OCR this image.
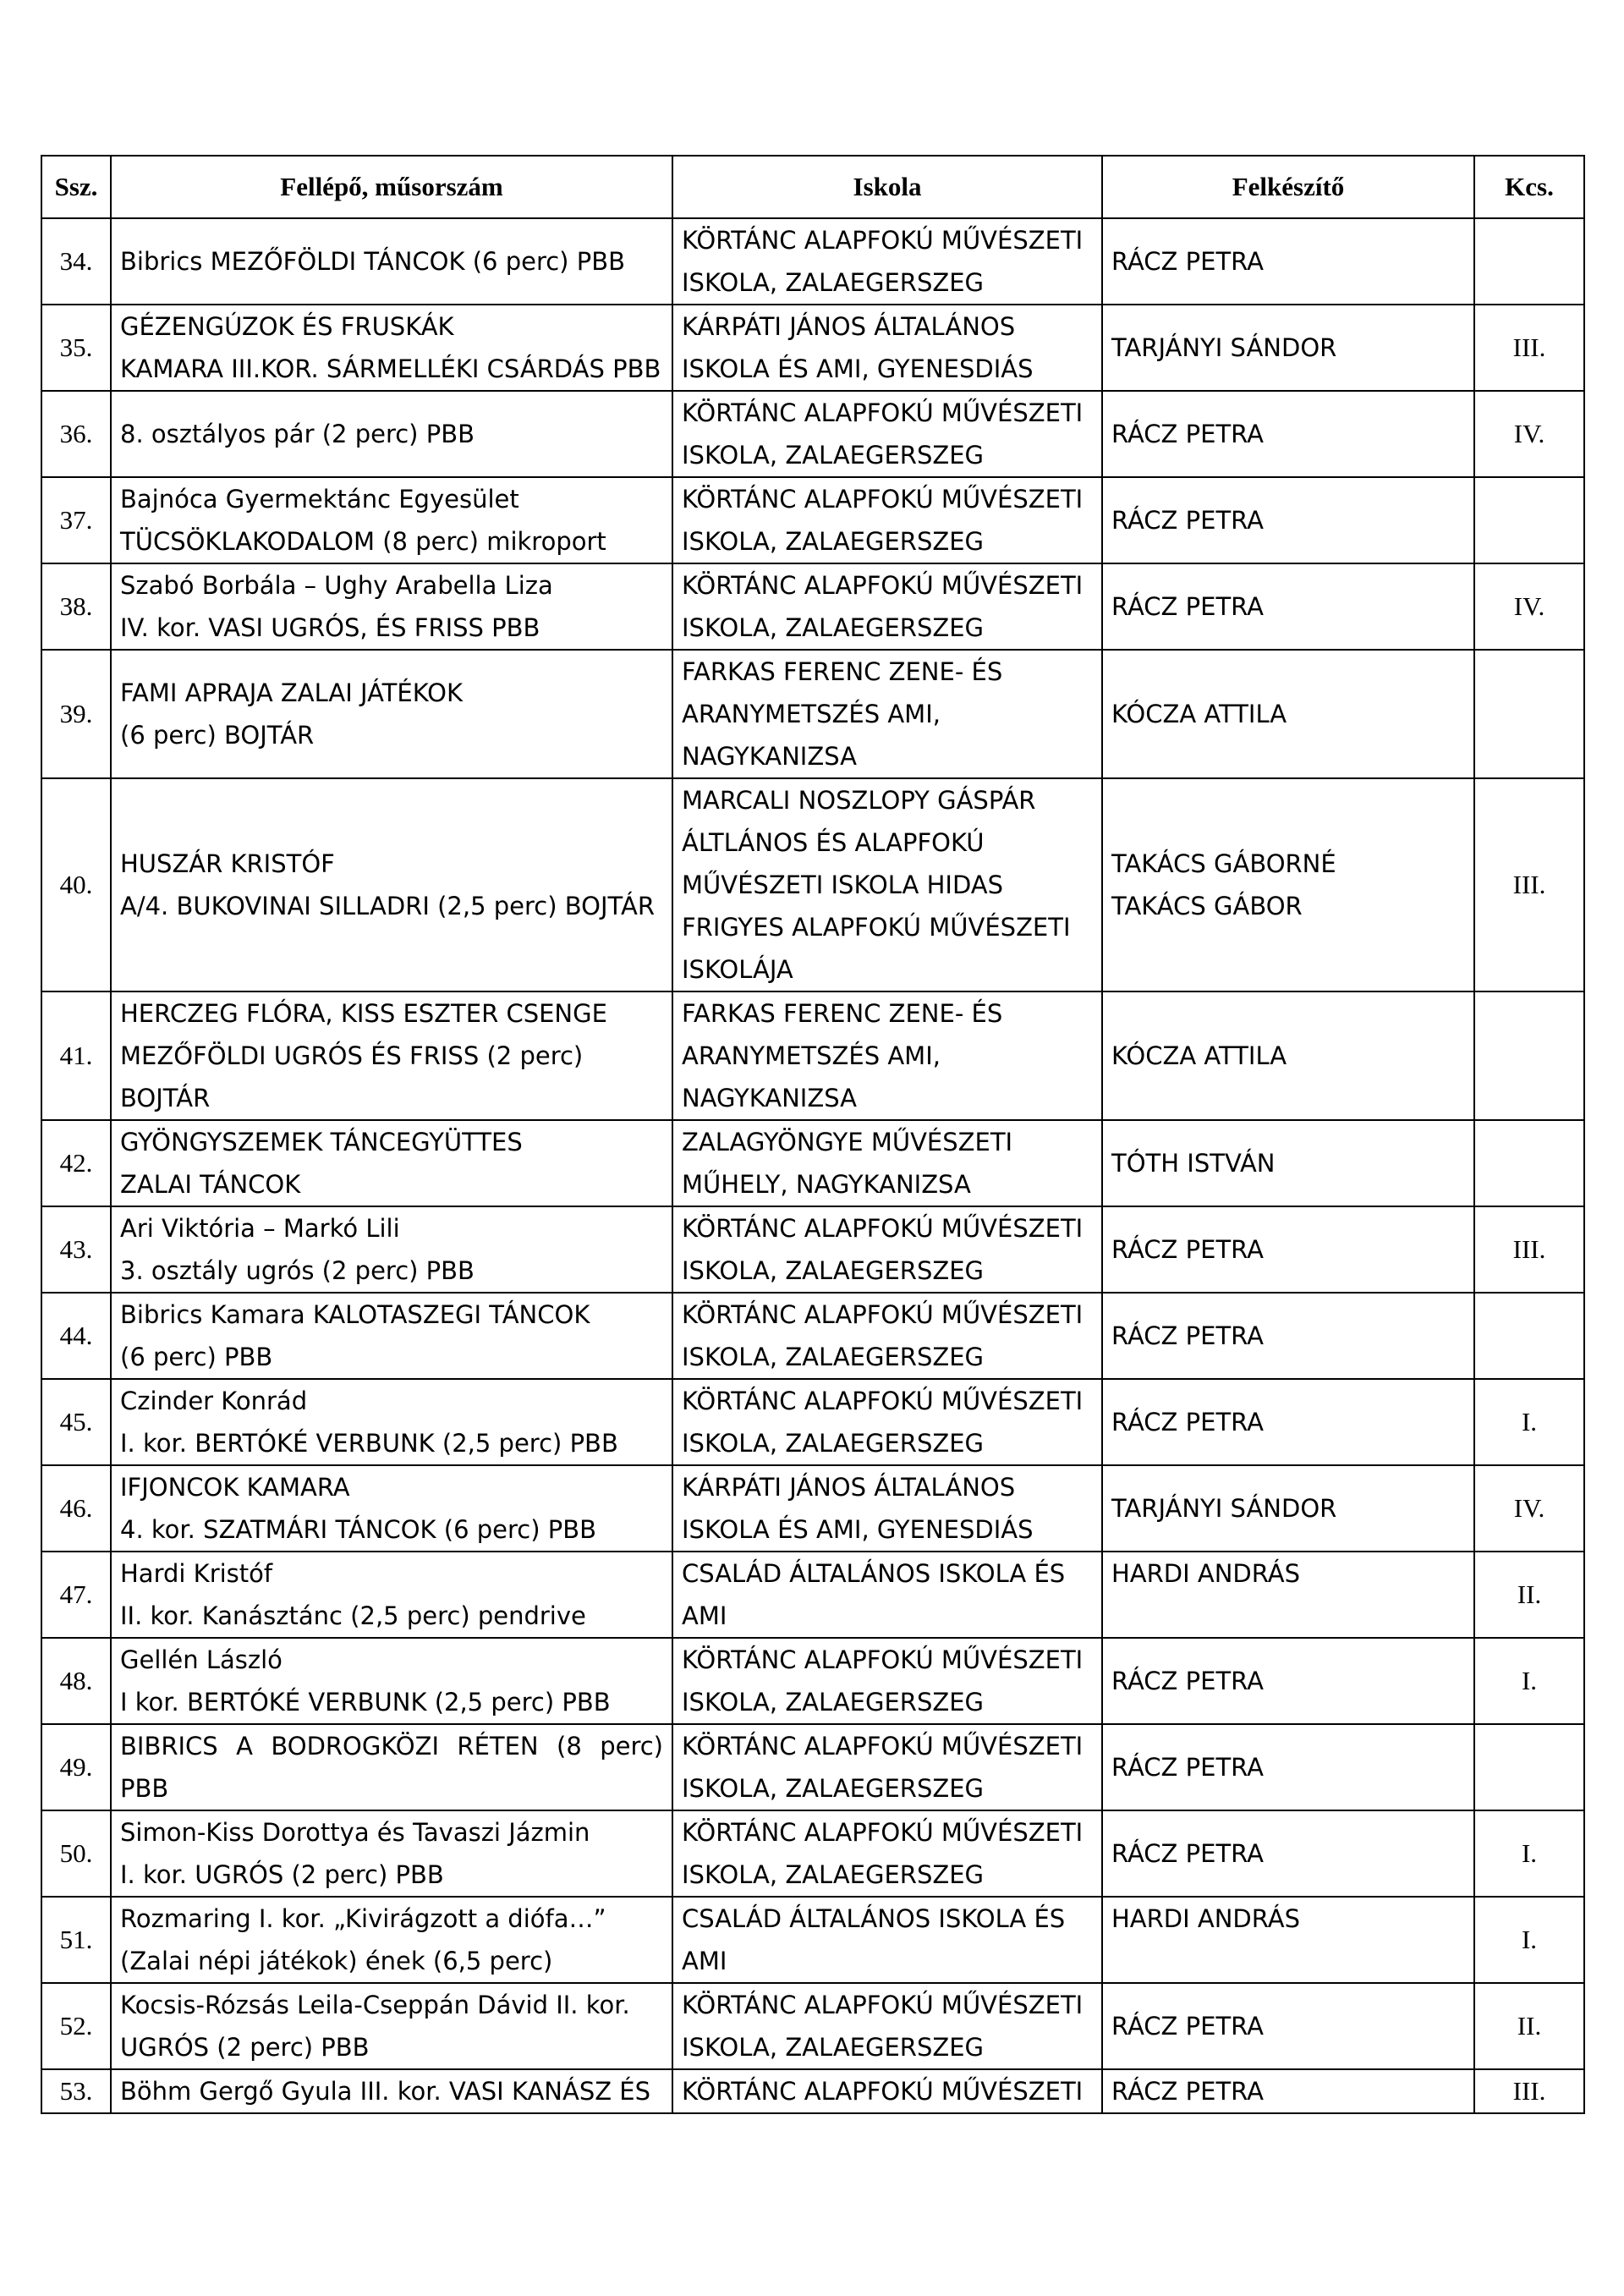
Ssz.	Fellépő, műsorszám	Iskola	Felkészítő	Kcs.
34.	Bibrics MEZŐFÖLDI TÁNCOK (6 perc) PBB	KÖRTÁNC ALAPFOKÚ MŰVÉSZETI
ISKOLA, ZALAEGERSZEG	RÁCZ PETRA	

35.	GÉZENGÚZOK ÉS FRUSKÁK
KAMARA III.KOR. SÁRMELLÉKI CSÁRDÁS PBB	KÁRPÁTI JÁNOS ÁLTALÁNOS
ISKOLA ÉS AMI, GYENESDIÁS	TARJÁNYI SÁNDOR	III.
36.	8. osztályos pár (2 perc) PBB	KÖRTÁNC ALAPFOKÚ MŰVÉSZETI
ISKOLA, ZALAEGERSZEG	RÁCZ PETRA	IV.
37.	Bajnóca Gyermektánc Egyesület
TÜCSÖKLAKODALOM (8 perc) mikroport	KÖRTÁNC ALAPFOKÚ MŰVÉSZETI
ISKOLA, ZALAEGERSZEG	RÁCZ PETRA	

38.	Szabó Borbála – Ughy Arabella Liza
IV. kor. VASI UGRÓS, ÉS FRISS PBB	KÖRTÁNC ALAPFOKÚ MŰVÉSZETI
ISKOLA, ZALAEGERSZEG	RÁCZ PETRA	IV.
39.	FAMI APRAJA ZALAI JÁTÉKOK
(6 perc) BOJTÁR	FARKAS FERENC ZENE- ÉS
ARANYMETSZÉS AMI,
NAGYKANIZSA	KÓCZA ATTILA	

40.	HUSZÁR KRISTÓF
A/4. BUKOVINAI SILLADRI (2,5 perc) BOJTÁR	MARCALI NOSZLOPY GÁSPÁR
ÁLTLÁNOS ÉS ALAPFOKÚ
MŰVÉSZETI ISKOLA HIDAS
FRIGYES ALAPFOKÚ MŰVÉSZETI
ISKOLÁJA	TAKÁCS GÁBORNÉ
TAKÁCS GÁBOR	III.
41.	HERCZEG FLÓRA, KISS ESZTER CSENGE
MEZŐFÖLDI UGRÓS ÉS FRISS (2 perc)
BOJTÁR	FARKAS FERENC ZENE- ÉS
ARANYMETSZÉS AMI,
NAGYKANIZSA	KÓCZA ATTILA	

42.	GYÖNGYSZEMEK TÁNCEGYÜTTES
ZALAI TÁNCOK	ZALAGYÖNGYE MŰVÉSZETI
MŰHELY, NAGYKANIZSA	TÓTH ISTVÁN	

43.	Ari Viktória – Markó Lili
3. osztály ugrós (2 perc) PBB	KÖRTÁNC ALAPFOKÚ MŰVÉSZETI
ISKOLA, ZALAEGERSZEG	RÁCZ PETRA	III.
44.	Bibrics Kamara KALOTASZEGI TÁNCOK
(6 perc) PBB	KÖRTÁNC ALAPFOKÚ MŰVÉSZETI
ISKOLA, ZALAEGERSZEG	RÁCZ PETRA	

45.	Czinder Konrád
I. kor. BERTÓKÉ VERBUNK (2,5 perc) PBB	KÖRTÁNC ALAPFOKÚ MŰVÉSZETI
ISKOLA, ZALAEGERSZEG	RÁCZ PETRA	I.
46.	IFJONCOK KAMARA
4. kor. SZATMÁRI TÁNCOK (6 perc) PBB	KÁRPÁTI JÁNOS ÁLTALÁNOS
ISKOLA ÉS AMI, GYENESDIÁS	TARJÁNYI SÁNDOR	IV.
47.	Hardi Kristóf
II. kor. Kanásztánc (2,5 perc) pendrive	CSALÁD ÁLTALÁNOS ISKOLA ÉS
AMI	HARDI ANDRÁS	II.
48.	Gellén László
I kor. BERTÓKÉ VERBUNK (2,5 perc) PBB	KÖRTÁNC ALAPFOKÚ MŰVÉSZETI
ISKOLA, ZALAEGERSZEG	RÁCZ PETRA	I.
49.	BIBRICS A BODROGKÖZI RÉTEN (8 perc) PBB	KÖRTÁNC ALAPFOKÚ MŰVÉSZETI
ISKOLA, ZALAEGERSZEG	RÁCZ PETRA	

50.	Simon-Kiss Dorottya és Tavaszi Jázmin
I. kor. UGRÓS (2 perc) PBB	KÖRTÁNC ALAPFOKÚ MŰVÉSZETI
ISKOLA, ZALAEGERSZEG	RÁCZ PETRA	I.
51.	Rozmaring I. kor. „Kivirágzott a diófa…”
(Zalai népi játékok) ének (6,5 perc)	CSALÁD ÁLTALÁNOS ISKOLA ÉS
AMI	HARDI ANDRÁS	I.
52.	Kocsis-Rózsás Leila-Cseppán Dávid II. kor.
UGRÓS (2 perc) PBB	KÖRTÁNC ALAPFOKÚ MŰVÉSZETI
ISKOLA, ZALAEGERSZEG	RÁCZ PETRA	II.
53.	Böhm Gergő Gyula III. kor. VASI KANÁSZ ÉS	KÖRTÁNC ALAPFOKÚ MŰVÉSZETI	RÁCZ PETRA	III.
